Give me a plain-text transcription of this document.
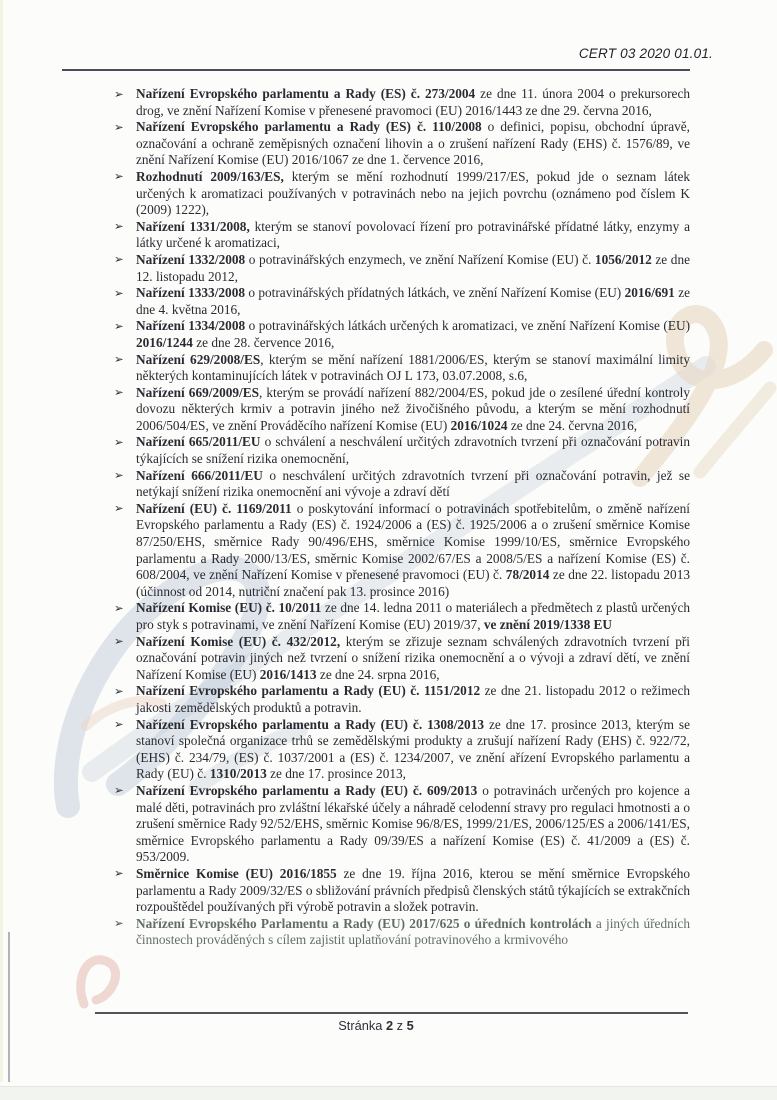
CERT 03 2020 01.01.
➢ Nařízení Evropského parlamentu a Rady (ES) č. 273/2004 ze dne 11. února 2004 o prekursorech drog, ve znění Nařízení Komise v přenesené pravomoci (EU) 2016/1443 ze dne 29. června 2016,
➢ Nařízení Evropského parlamentu a Rady (ES) č. 110/2008 o definici, popisu, obchodní úpravě, označování a ochraně zeměpisných označení lihovin a o zrušení nařízení Rady (EHS) č. 1576/89, ve znění Nařízení Komise (EU) 2016/1067 ze dne 1. července 2016,
➢ Rozhodnutí 2009/163/ES, kterým se mění rozhodnutí 1999/217/ES, pokud jde o seznam látek určených k aromatizaci používaných v potravinách nebo na jejich povrchu (oznámeno pod číslem K (2009) 1222),
➢ Nařízení 1331/2008, kterým se stanoví povolovací řízení pro potravinářské přídatné látky, enzymy a látky určené k aromatizaci,
➢ Nařízení 1332/2008 o potravinářských enzymech, ve znění Nařízení Komise (EU) č. 1056/2012 ze dne 12. listopadu 2012,
➢ Nařízení 1333/2008 o potravinářských přídatných látkách, ve znění Nařízení Komise (EU) 2016/691 ze dne 4. května 2016,
➢ Nařízení 1334/2008 o potravinářských látkách určených k aromatizaci, ve znění Nařízení Komise (EU) 2016/1244 ze dne 28. července 2016,
➢ Nařízení 629/2008/ES, kterým se mění nařízení 1881/2006/ES, kterým se stanoví maximální limity některých kontaminujících látek v potravinách OJ L 173, 03.07.2008, s.6,
➢ Nařízení 669/2009/ES, kterým se provádí nařízení 882/2004/ES, pokud jde o zesílené úřední kontroly dovozu některých krmiv a potravin jiného než živočišného původu, a kterým se mění rozhodnutí 2006/504/ES, ve znění Prováděcího nařízení Komise (EU) 2016/1024 ze dne 24. června 2016,
➢ Nařízení 665/2011/EU o schválení a neschválení určitých zdravotních tvrzení při označování potravin týkajících se snížení rizika onemocnění,
➢ Nařízení 666/2011/EU o neschválení určitých zdravotních tvrzení při označování potravin, jež se netýkají snížení rizika onemocnění ani vývoje a zdraví dětí
➢ Nařízení (EU) č. 1169/2011 o poskytování informací o potravinách spotřebitelům, o změně nařízení Evropského parlamentu a Rady (ES) č. 1924/2006 a (ES) č. 1925/2006 a o zrušení směrnice Komise 87/250/EHS, směrnice Rady 90/496/EHS, směrnice Komise 1999/10/ES, směrnice Evropského parlamentu a Rady 2000/13/ES, směrnic Komise 2002/67/ES a 2008/5/ES a nařízení Komise (ES) č. 608/2004, ve znění Nařízení Komise v přenesené pravomoci (EU) č. 78/2014 ze dne 22. listopadu 2013 (účinnost od 2014, nutriční značení pak 13. prosince 2016)
➢ Nařízení Komise (EU) č. 10/2011 ze dne 14. ledna 2011 o materiálech a předmětech z plastů určených pro styk s potravinami, ve znění Nařízení Komise (EU) 2019/37, ve znění 2019/1338 EU
➢ Nařízení Komise (EU) č. 432/2012, kterým se zřizuje seznam schválených zdravotních tvrzení při označování potravin jiných než tvrzení o snížení rizika onemocnění a o vývoji a zdraví dětí, ve znění Nařízení Komise (EU) 2016/1413 ze dne 24. srpna 2016,
➢ Nařízení Evropského parlamentu a Rady (EU) č. 1151/2012 ze dne 21. listopadu 2012 o režimech jakosti zemědělských produktů a potravin.
➢ Nařízení Evropského parlamentu a Rady (EU) č. 1308/2013 ze dne 17. prosince 2013, kterým se stanoví společná organizace trhů se zemědělskými produkty a zrušují nařízení Rady (EHS) č. 922/72, (EHS) č. 234/79, (ES) č. 1037/2001 a (ES) č. 1234/2007, ve znění ařízení Evropského parlamentu a Rady (EU) č. 1310/2013 ze dne 17. prosince 2013,
➢ Nařízení Evropského parlamentu a Rady (EU) č. 609/2013 o potravinách určených pro kojence a malé děti, potravinách pro zvláštní lékařské účely a náhradě celodenní stravy pro regulaci hmotnosti a o zrušení směrnice Rady 92/52/EHS, směrnic Komise 96/8/ES, 1999/21/ES, 2006/125/ES a 2006/141/ES, směrnice Evropského parlamentu a Rady 09/39/ES a nařízení Komise (ES) č. 41/2009 a (ES) č. 953/2009.
➢ Směrnice Komise (EU) 2016/1855 ze dne 19. října 2016, kterou se mění směrnice Evropského parlamentu a Rady 2009/32/ES o sbližování právních předpisů členských států týkajících se extrakčních rozpouštědel používaných při výrobě potravin a složek potravin.
➢ Nařízení Evropského Parlamentu a Rady (EU) 2017/625 o úředních kontrolách a jiných úředních činnostech prováděných s cílem zajistit uplatňování potravinového a krmivového
Stránka 2 z 5
